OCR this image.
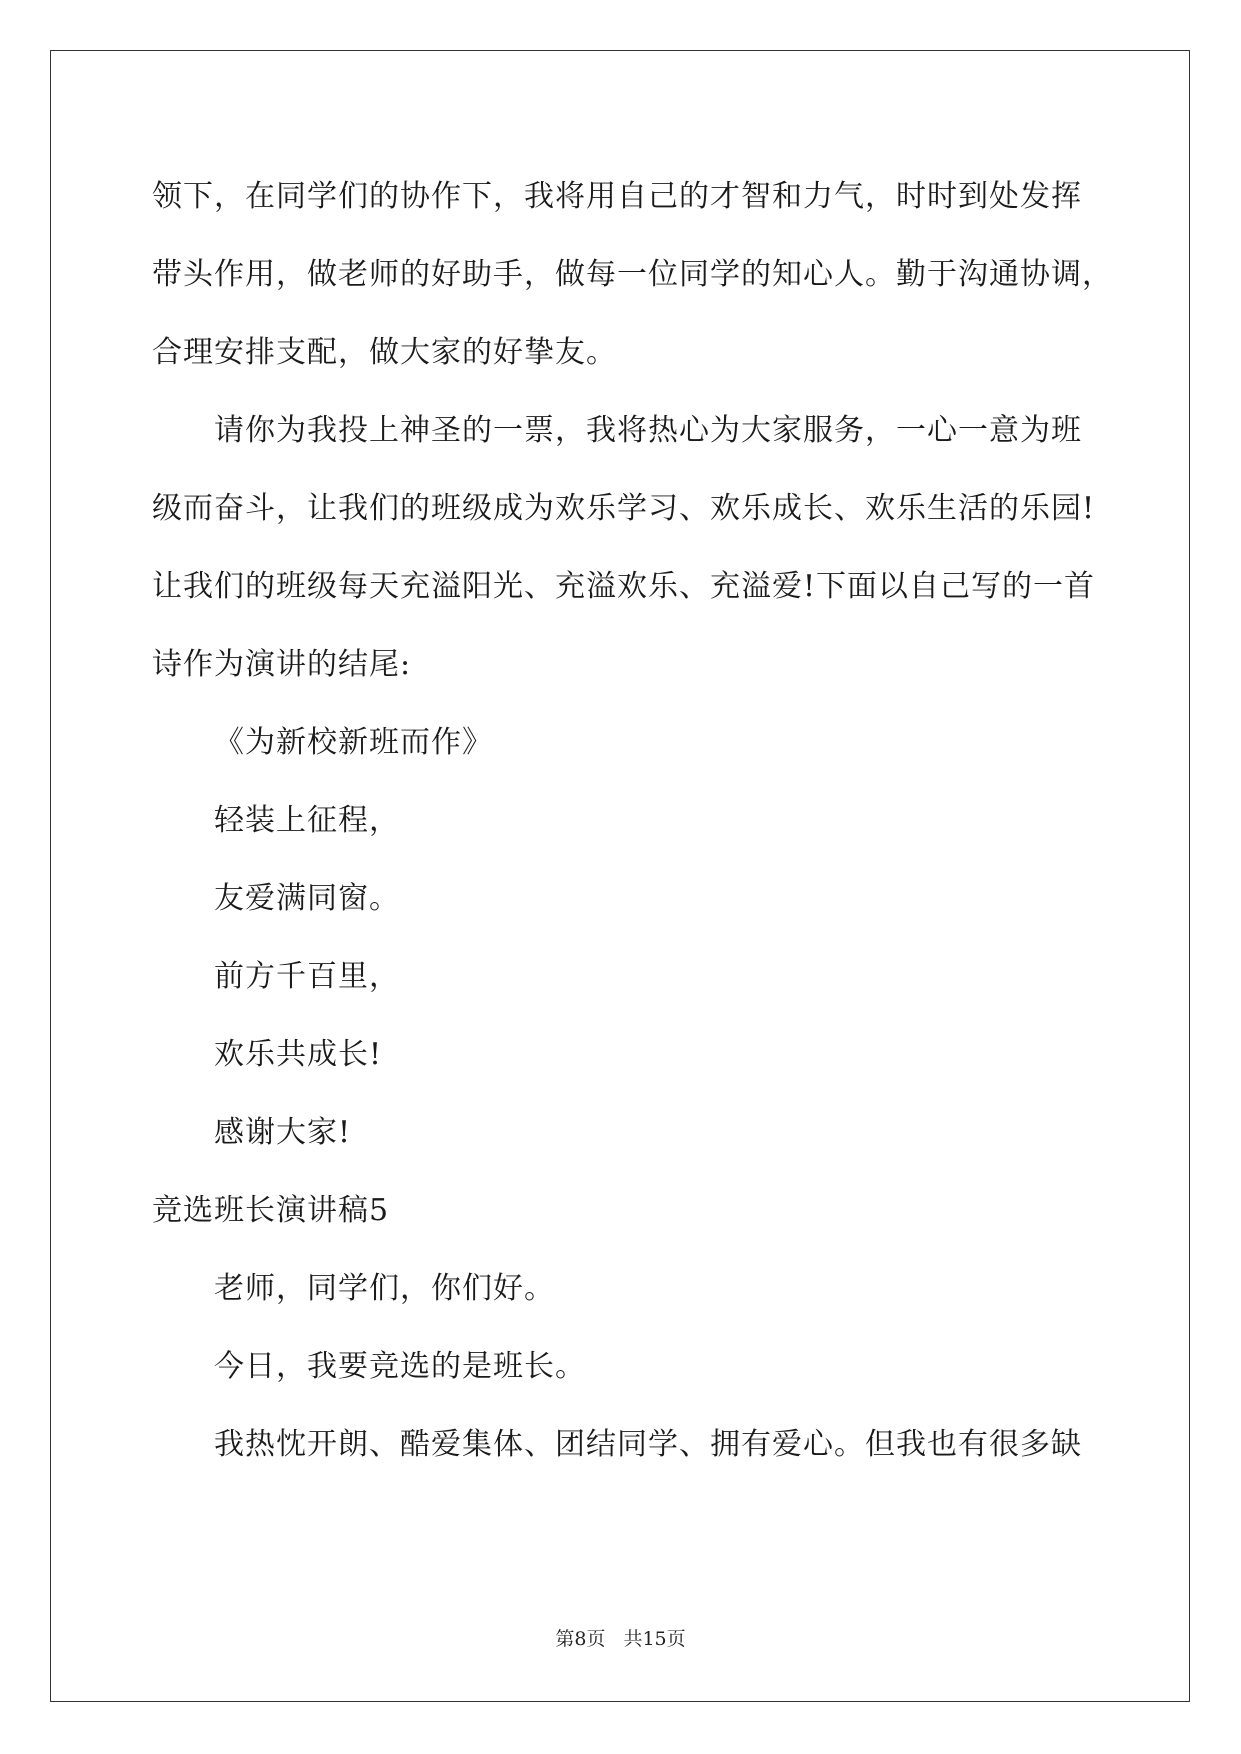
领下，在同学们的协作下，我将用自己的才智和力气，时时到处发挥
带头作用，做老师的好助手，做每一位同学的知心人。勤于沟通协调，
合理安排支配，做大家的好挚友。
请你为我投上神圣的一票，我将热心为大家服务，一心一意为班
级而奋斗，让我们的班级成为欢乐学习、欢乐成长、欢乐生活的乐园!
让我们的班级每天充溢阳光、充溢欢乐、充溢爱!下面以自己写的一首
诗作为演讲的结尾:
《为新校新班而作》
轻装上征程，
友爱满同窗。
前方千百里，
欢乐共成长!
感谢大家!
竞选班长演讲稿5
老师，同学们，你们好。
今日，我要竞选的是班长。
我热忱开朗、酷爱集体、团结同学、拥有爱心。但我也有很多缺
第8页 共15页
